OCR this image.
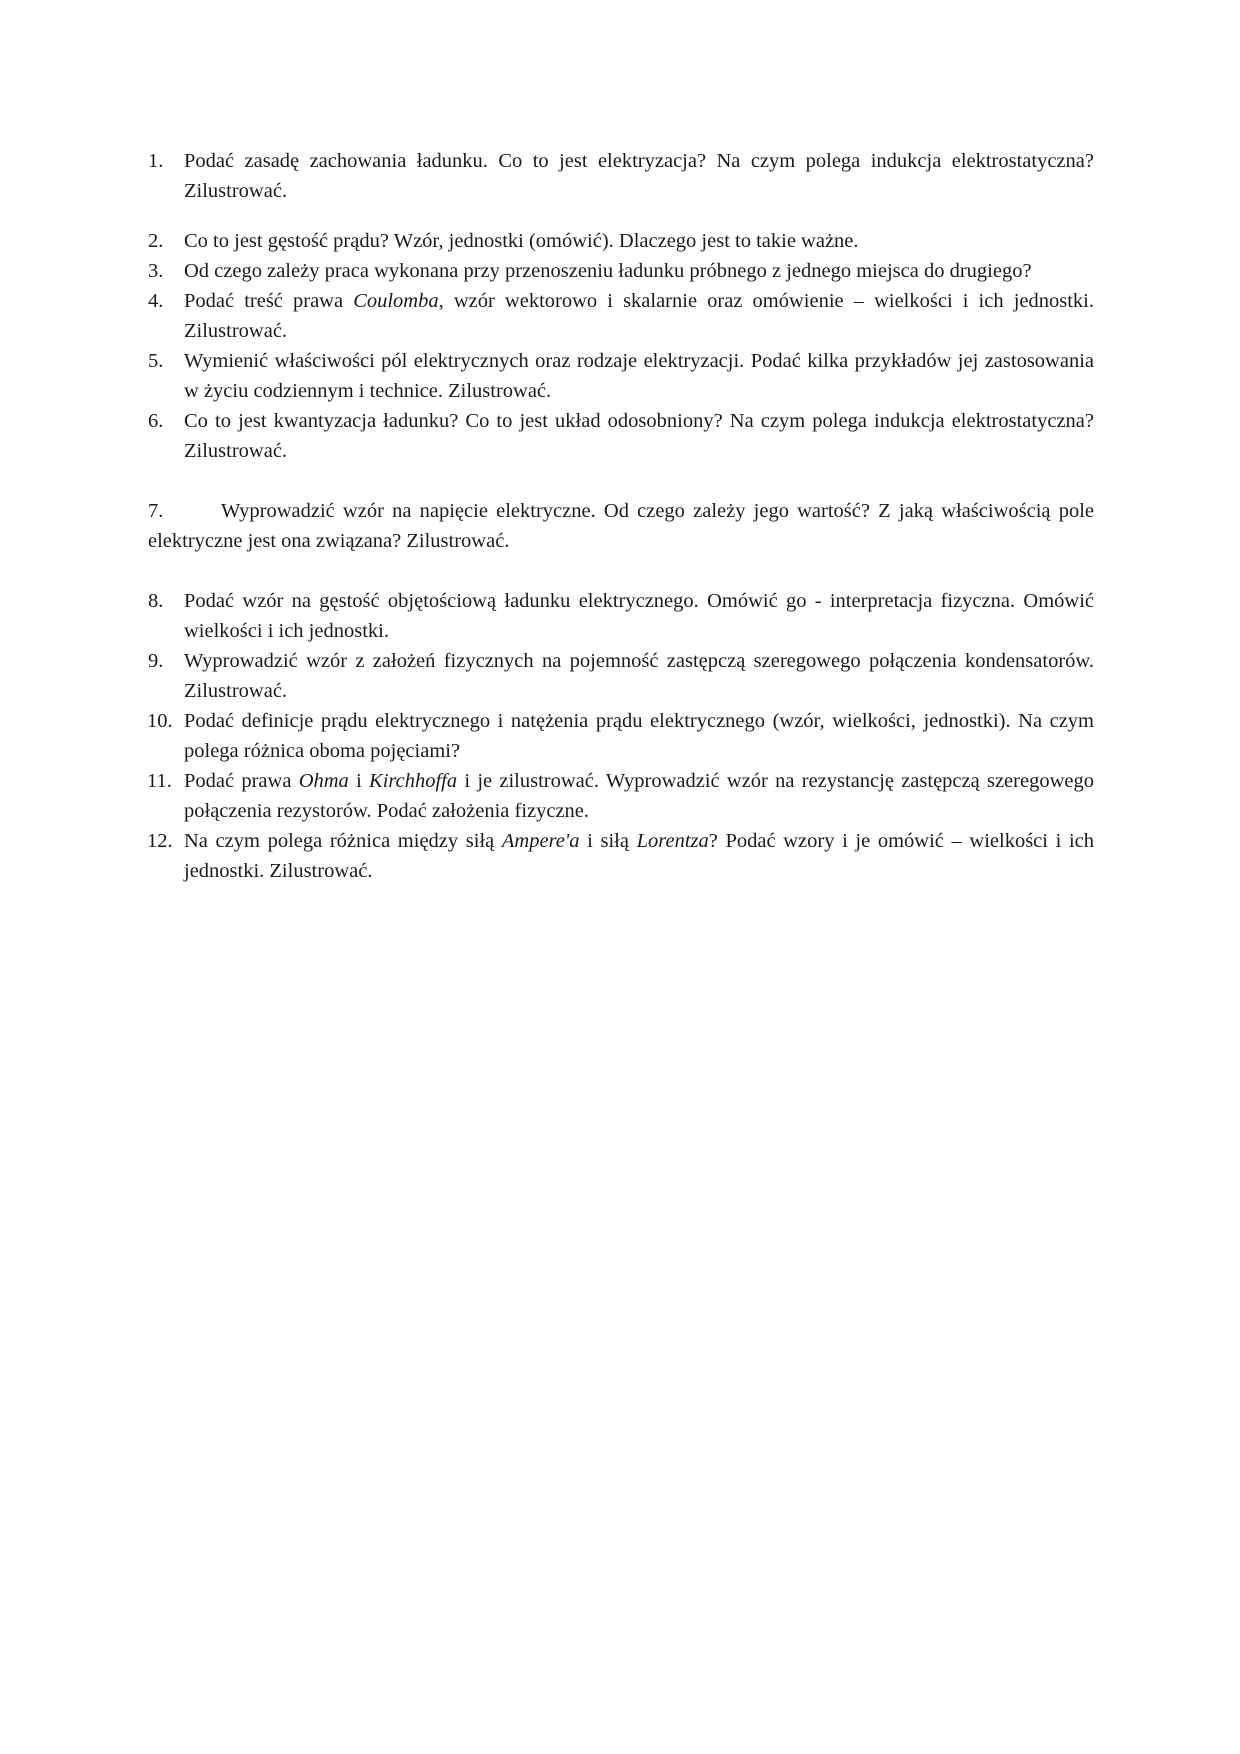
1. Podać zasadę zachowania ładunku. Co to jest elektryzacja? Na czym polega indukcja elektrostatyczna? Zilustrować.
2. Co to jest gęstość prądu? Wzór, jednostki (omówić). Dlaczego jest to takie ważne.
3. Od czego zależy praca wykonana przy przenoszeniu ładunku próbnego z jednego miejsca do drugiego?
4. Podać treść prawa Coulomba, wzór wektorowo i skalarnie oraz omówienie – wielkości i ich jednostki. Zilustrować.
5. Wymienić właściwości pól elektrycznych oraz rodzaje elektryzacji. Podać kilka przykładów jej zastosowania w życiu codziennym i technice. Zilustrować.
6. Co to jest kwantyzacja ładunku? Co to jest układ odosobniony? Na czym polega indukcja elektrostatyczna? Zilustrować.
7.	Wyprowadzić wzór na napięcie elektryczne. Od czego zależy jego wartość? Z jaką właściwością pole elektryczne jest ona związana? Zilustrować.
8. Podać wzór na gęstość objętościową ładunku elektrycznego. Omówić go - interpretacja fizyczna. Omówić wielkości i ich jednostki.
9. Wyprowadzić wzór z założeń fizycznych na pojemność zastępczą szeregowego połączenia kondensatorów. Zilustrować.
10. Podać definicje prądu elektrycznego i natężenia prądu elektrycznego (wzór, wielkości, jednostki). Na czym polega różnica oboma pojęciami?
11. Podać prawa Ohma i Kirchhoffa i je zilustrować. Wyprowadzić wzór na rezystancję zastępczą szeregowego połączenia rezystorów. Podać założenia fizyczne.
12. Na czym polega różnica między siłą Ampere'a i siłą Lorentza? Podać wzory i je omówić – wielkości i ich jednostki. Zilustrować.
